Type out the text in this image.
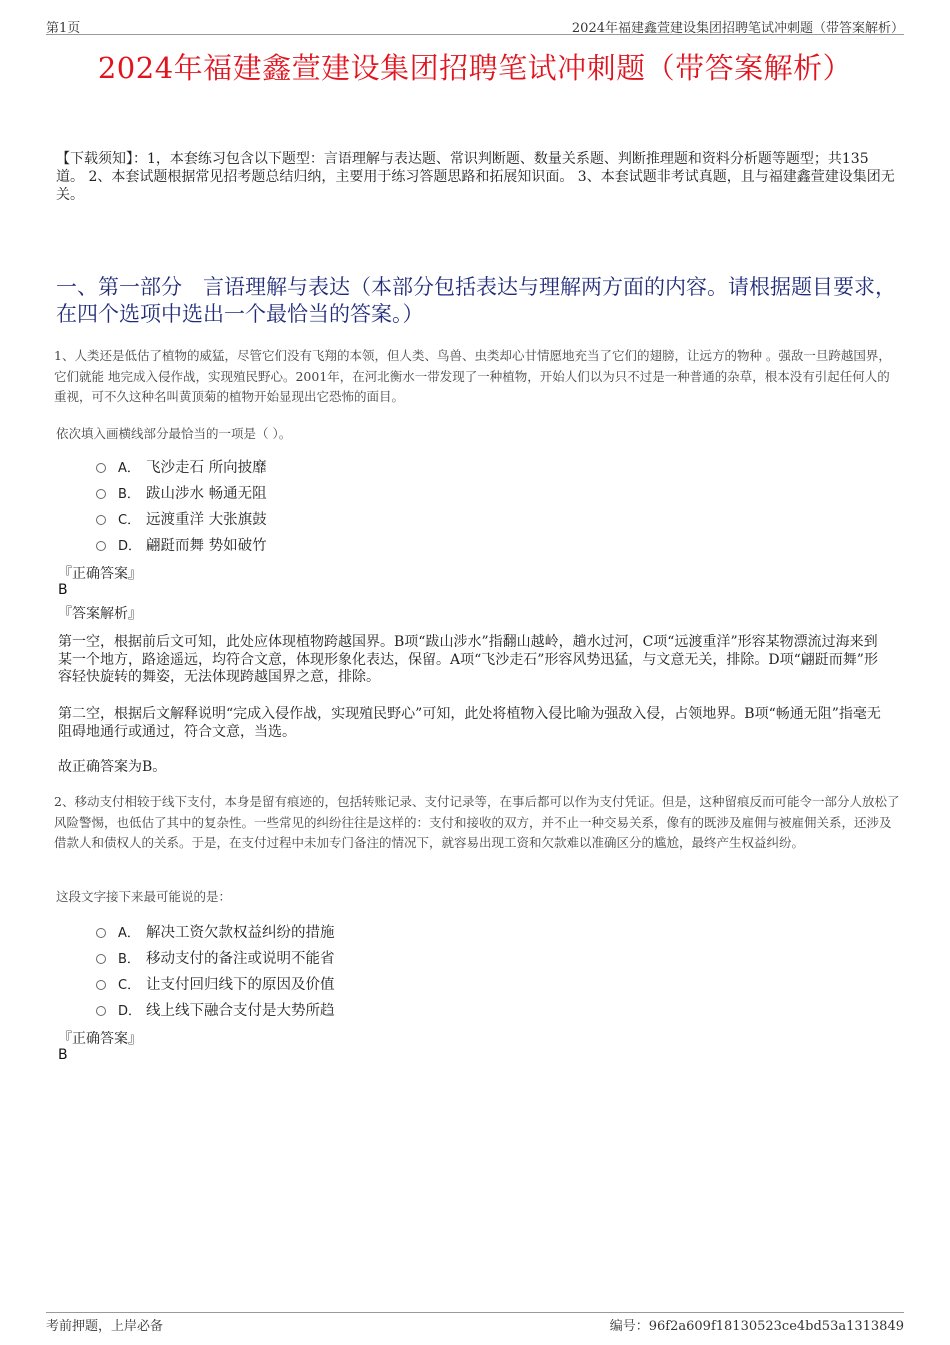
第1页	2024年福建鑫萱建设集团招聘笔试冲刺题（带答案解析）
2024年福建鑫萱建设集团招聘笔试冲刺题（带答案解析）
【下载须知】：1，本套练习包含以下题型：言语理解与表达题、常识判断题、数量关系题、判断推理题和资料分析题等题型；共135道。 2、本套试题根据常见招考题总结归纳，主要用于练习答题思路和拓展知识面。 3、本套试题非考试真题，且与福建鑫萱建设集团无关。
一、第一部分　言语理解与表达（本部分包括表达与理解两方面的内容。请根据题目要求，在四个选项中选出一个最恰当的答案。）
1、人类还是低估了植物的威猛，尽管它们没有飞翔的本领，但人类、鸟兽、虫类却心甘情愿地充当了它们的翅膀，让远方的物种 。强敌一旦跨越国界，它们就能 地完成入侵作战，实现殖民野心。2001年，在河北衡水一带发现了一种植物，开始人们以为只不过是一种普通的杂草，根本没有引起任何人的重视，可不久这种名叫黄顶菊的植物开始显现出它恐怖的面目。
依次填入画横线部分最恰当的一项是（ ）。
A． 飞沙走石 所向披靡
B． 跋山涉水 畅通无阻
C． 远渡重洋 大张旗鼓
D． 翩跹而舞 势如破竹
『正确答案』
B
『答案解析』
第一空，根据前后文可知，此处应体现植物跨越国界。B项“跋山涉水”指翻山越岭，趟水过河，C项“远渡重洋”形容某物漂流过海来到某一个地方，路途遥远，均符合文意，体现形象化表达，保留。A项“飞沙走石”形容风势迅猛，与文意无关，排除。D项“翩跹而舞”形容轻快旋转的舞姿，无法体现跨越国界之意，排除。
第二空，根据后文解释说明“完成入侵作战，实现殖民野心”可知，此处将植物入侵比喻为强敌入侵，占领地界。B项“畅通无阻”指毫无阻碍地通行或通过，符合文意，当选。
故正确答案为B。
2、移动支付相较于线下支付，本身是留有痕迹的，包括转账记录、支付记录等，在事后都可以作为支付凭证。但是，这种留痕反而可能令一部分人放松了风险警惕，也低估了其中的复杂性。一些常见的纠纷往往是这样的：支付和接收的双方，并不止一种交易关系，像有的既涉及雇佣与被雇佣关系，还涉及借款人和债权人的关系。于是，在支付过程中未加专门备注的情况下，就容易出现工资和欠款难以准确区分的尴尬，最终产生权益纠纷。
这段文字接下来最可能说的是：
A． 解决工资欠款权益纠纷的措施
B． 移动支付的备注或说明不能省
C． 让支付回归线下的原因及价值
D． 线上线下融合支付是大势所趋
『正确答案』
B
考前押题，上岸必备	编号：96f2a609f18130523ce4bd53a1313849
